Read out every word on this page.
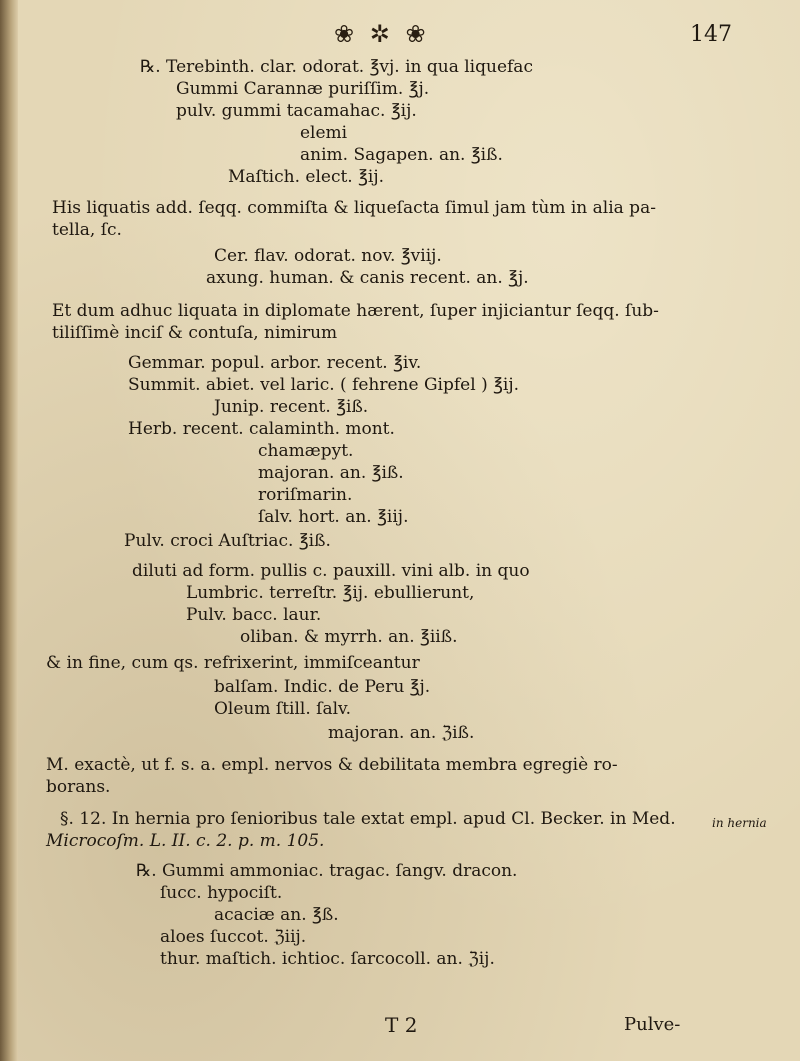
❀ ✲ ❀	147
℞. Terebinth. clar. odorat. ℥vj. in qua liquefac
Gummi Carannæ puriſſim. ℥j.
pulv. gummi tacamahac. ℥ij.
elemi
anim. Sagapen. an. ℥iß.
Maſtich. elect. ℥ij.
His liquatis add. ſeqq. commiſta & liqueſacta ſimul jam tùm in alia pa-
tella, ſc.
Cer. flav. odorat. nov. ℥viij.
axung. human. & canis recent. an. ℥j.
Et dum adhuc liquata in diplomate hærent, ſuper injiciantur ſeqq. ſub-
tiliſſimè inciſ & contuſa, nimirum
Gemmar. popul. arbor. recent. ℥iv.
Summit. abiet. vel laric. ( fehrene Gipfel ) ℥ij.
Junip. recent. ℥iß.
Herb. recent. calaminth. mont.
chamæpyt.
majoran. an. ℥iß.
roriſmarin.
ſalv. hort. an. ℥iij.
Pulv. croci Auſtriac. ℥iß.
diluti ad form. pullis c. pauxill. vini alb. in quo
Lumbric. terreſtr. ℥ij. ebullierunt,
Pulv. bacc. laur.
oliban. & myrrh. an. ℥iiß.
& in fine, cum qs. refrixerint, immiſceantur
balſam. Indic. de Peru ℥j.
Oleum ſtill. ſalv.
majoran. an. ℨiß.
M. exactè, ut f. s. a. empl. nervos & debilitata membra egregiè ro-
borans.
§. 12. In hernia pro ſenioribus tale extat empl. apud Cl. Becker. in Med.
Microcoſm. L. II. c. 2. p. m. 105.
℞. Gummi ammoniac. tragac. ſangv. dracon.
ſucc. hypociſt.
acaciæ an. ℥ß.
aloes ſuccot. ℨiij.
thur. maſtich. ichtioc. ſarcocoll. an. ℨij.
in hernia
T 2	Pulve-
